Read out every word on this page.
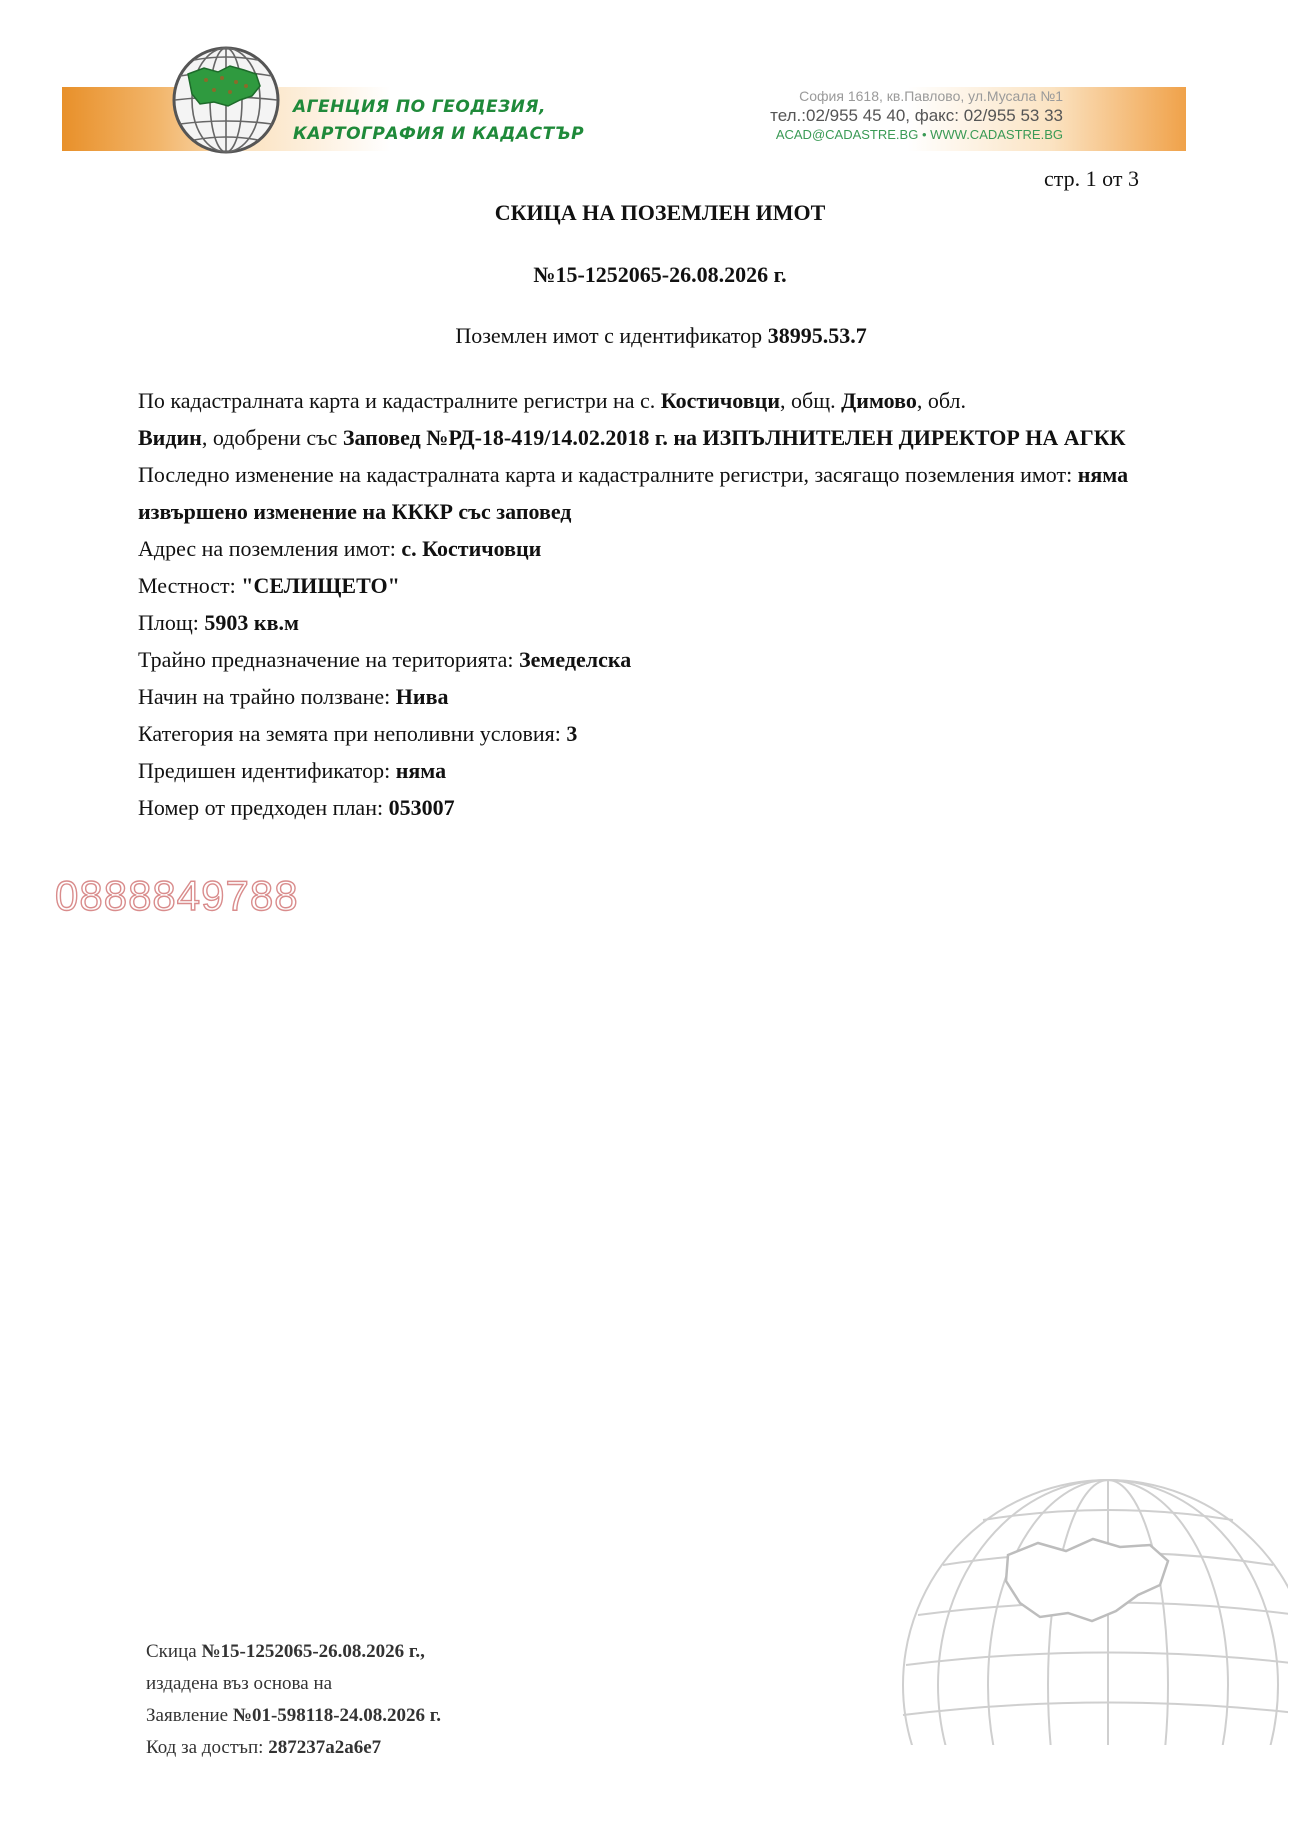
АГЕНЦИЯ ПО ГЕОДЕЗИЯ,
КАРТОГРАФИЯ И КАДАСТЪР
София 1618, кв.Павлово, ул.Мусала №1
тел.:02/955 45 40, факс: 02/955 53 33
ACAD@CADASTRE.BG • WWW.CADASTRE.BG
стр. 1 от 3
СКИЦА НА ПОЗЕМЛЕН ИМОТ
№15-1252065-26.08.2026 г.
Поземлен имот с идентификатор 38995.53.7

По кадастралната карта и кадастралните регистри на с. Костичовци, общ. Димово, обл.
Видин, одобрени със Заповед №РД-18-419/14.02.2018 г. на ИЗПЪЛНИТЕЛЕН ДИРЕКТОР НА АГКК

Последно изменение на кадастралната карта и кадастралните регистри, засягащо поземления имот: няма извършено изменение на КККР със заповед

Адрес на поземления имот: с. Костичовци

Местност: "СЕЛИЩЕТО"

Площ: 5903 кв.м

Трайно предназначение на територията: Земеделска

Начин на трайно ползване: Нива

Категория на земята при неполивни условия: 3

Предишен идентификатор: няма

Номер от предходен план: 053007

0888849788
Скица №15-1252065-26.08.2026 г.,
издадена въз основа на
Заявление №01-598118-24.08.2026 г.
Код за достъп: 287237a2a6e7
